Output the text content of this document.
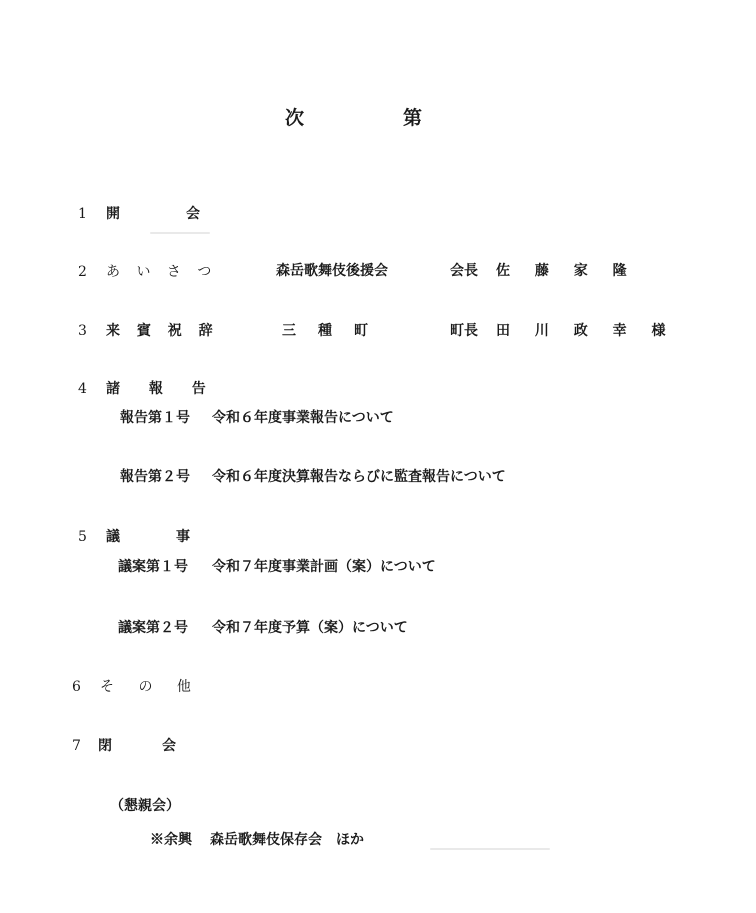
次	第
1 開	会
2 あ い さ つ	森岳歌舞伎後援会	会長 佐 藤 家 隆
3 来 賓 祝 辞	三　種　町	町長 田 川 政 幸 様
4 諸 報 告
報告第１号 令和６年度事業報告について
報告第２号 令和６年度決算報告ならびに監査報告について
5 議	事
議案第１号 令和７年度事業計画（案）について
議案第２号 令和７年度予算（案）について
6 そ の 他
7 閉	会
（懇親会）
※余興 森岳歌舞伎保存会　ほか
